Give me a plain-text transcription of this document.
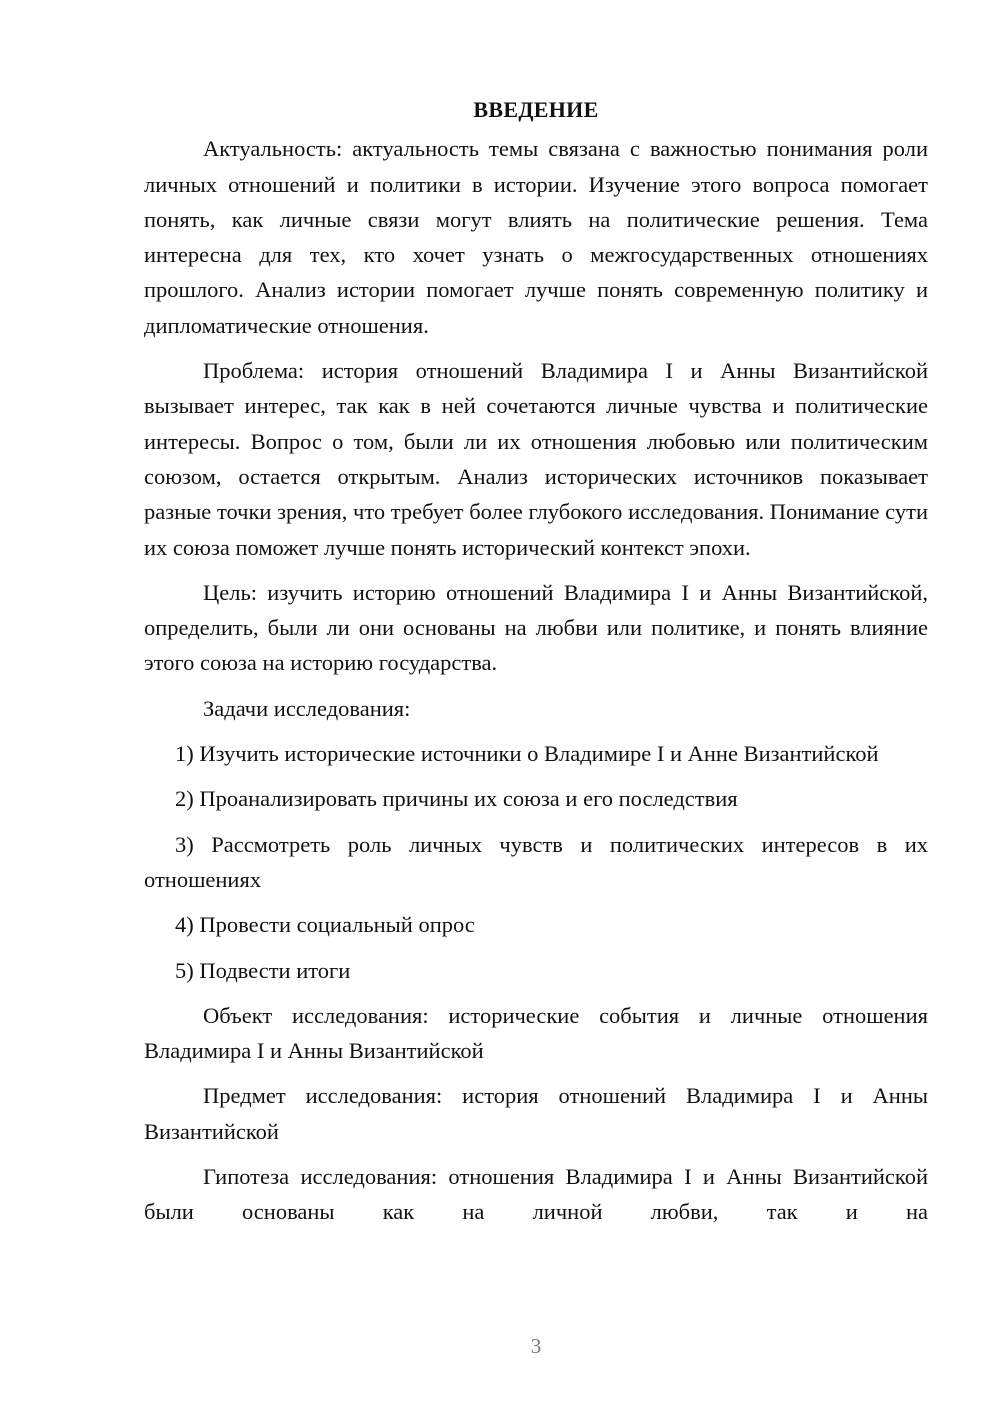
ВВЕДЕНИЕ

Актуальность: актуальность темы связана с важностью понимания роли личных отношений и политики в истории. Изучение этого вопроса помогает понять, как личные связи могут влиять на политические решения. Тема интересна для тех, кто хочет узнать о межгосударственных отношениях прошлого. Анализ истории помогает лучше понять современную политику и дипломатические отношения.

Проблема: история отношений Владимира I и Анны Византийской вызывает интерес, так как в ней сочетаются личные чувства и политические интересы. Вопрос о том, были ли их отношения любовью или политическим союзом, остается открытым. Анализ исторических источников показывает разные точки зрения, что требует более глубокого исследования. Понимание сути их союза поможет лучше понять исторический контекст эпохи.

Цель: изучить историю отношений Владимира I и Анны Византийской, определить, были ли они основаны на любви или политике, и понять влияние этого союза на историю государства.

Задачи исследования:

1) Изучить исторические источники о Владимире I и Анне Византийской

2) Проанализировать причины их союза и его последствия

3) Рассмотреть роль личных чувств и политических интересов в их отношениях

4) Провести социальный опрос

5) Подвести итоги

Объект исследования: исторические события и личные отношения Владимира I и Анны Византийской

Предмет исследования: история отношений Владимира I и Анны Византийской

Гипотеза исследования: отношения Владимира I и Анны Византийской были основаны как на личной любви, так и на

3
